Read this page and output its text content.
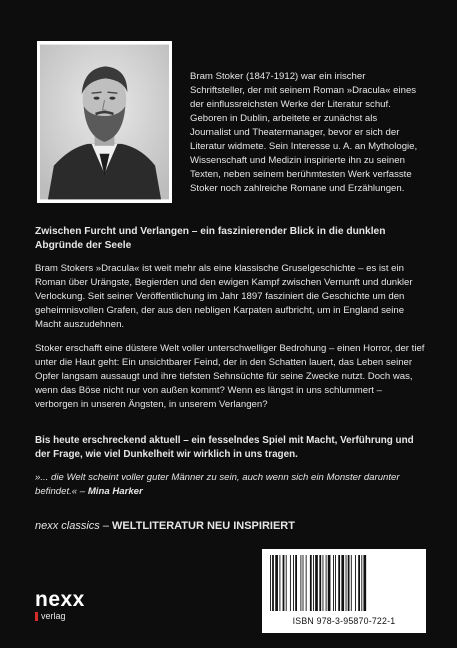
Bram Stoker (1847-1912) war ein irischer Schriftsteller, der mit seinem Roman »Dracula« eines der einflussreichsten Werke der Literatur schuf. Geboren in Dublin, arbeitete er zunächst als Journalist und Theatermanager, bevor er sich der Literatur widmete. Sein Interesse u. A. an Mythologie, Wissenschaft und Medizin inspirierte ihn zu seinen Texten, neben seinem berühmtesten Werk verfasste Stoker noch zahlreiche Romane und Erzählungen.

Zwischen Furcht und Verlangen – ein faszinierender Blick in die dunklen Abgründe der Seele

Bram Stokers »Dracula« ist weit mehr als eine klassische Gruselgeschichte – es ist ein Roman über Urängste, Begierden und den ewigen Kampf zwischen Vernunft und dunkler Verlockung. Seit seiner Veröffentlichung im Jahr 1897 fasziniert die Geschichte um den geheimnisvollen Grafen, der aus den nebligen Karpaten aufbricht, um in England seine Macht auszudehnen.

Stoker erschafft eine düstere Welt voller unterschwelliger Bedrohung – einen Horror, der tief unter die Haut geht: Ein unsichtbarer Feind, der in den Schatten lauert, das Leben seiner Opfer langsam aussaugt und ihre tiefsten Sehnsüchte für seine Zwecke nutzt. Doch was, wenn das Böse nicht nur von außen kommt? Wenn es längst in uns schlummert – verborgen in unseren Ängsten, in unserem Verlangen?

Bis heute erschreckend aktuell – ein fesselndes Spiel mit Macht, Verführung und der Frage, wie viel Dunkelheit wir wirklich in uns tragen.

»... die Welt scheint voller guter Männer zu sein, auch wenn sich ein Monster darunter befindet.« – Mina Harker

nexx classics – WELTLITERATUR NEU INSPIRIERT

nexx
verlag	ISBN 978-3-95870-722-1
